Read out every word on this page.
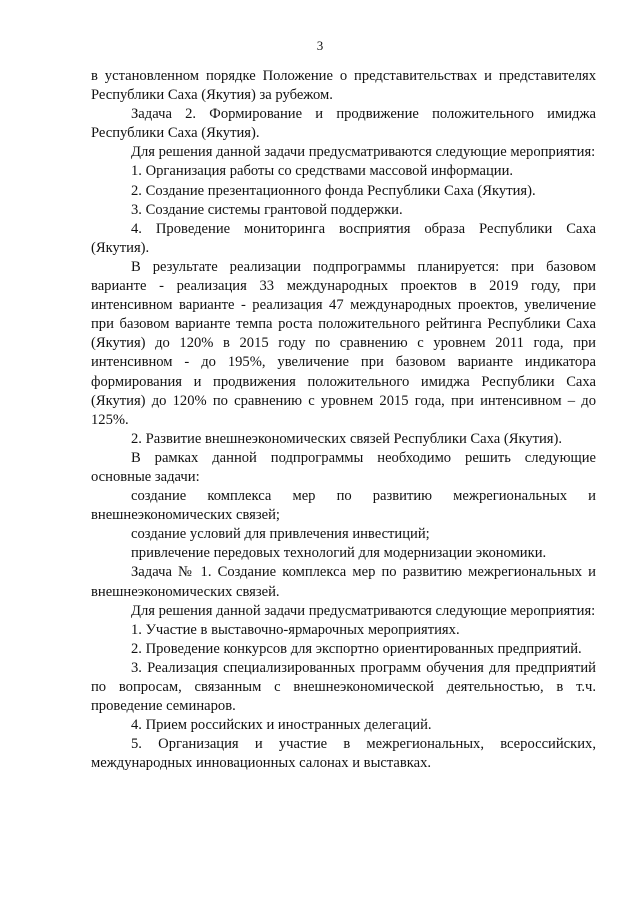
3

в установленном порядке Положение о представительствах и представителях Республики Саха (Якутия) за рубежом.

Задача 2. Формирование и продвижение положительного имиджа Республики Саха (Якутия).

Для решения данной задачи предусматриваются следующие мероприятия:

1. Организация работы со средствами массовой информации.

2. Создание презентационного фонда Республики Саха (Якутия).

3. Создание системы грантовой поддержки.

4. Проведение мониторинга восприятия образа Республики Саха (Якутия).

В результате реализации подпрограммы планируется: при базовом варианте - реализация 33 международных проектов в 2019 году, при интенсивном варианте - реализация 47 международных проектов, увеличение при базовом варианте темпа роста положительного рейтинга Республики Саха (Якутия) до 120% в 2015 году по сравнению с уровнем 2011 года, при интенсивном - до 195%, увеличение при базовом варианте индикатора формирования и продвижения положительного имиджа Республики Саха (Якутия) до 120% по сравнению с уровнем 2015 года, при интенсивном – до 125%.

2. Развитие внешнеэкономических связей Республики Саха (Якутия).

В рамках данной подпрограммы необходимо решить следующие основные задачи:

создание комплекса мер по развитию межрегиональных и внешнеэкономических связей;

создание условий для привлечения инвестиций;

привлечение передовых технологий для модернизации экономики.

Задача № 1. Создание комплекса мер по развитию межрегиональных и внешнеэкономических связей.

Для решения данной задачи предусматриваются следующие мероприятия:

1. Участие в выставочно-ярмарочных мероприятиях.

2. Проведение конкурсов для экспортно ориентированных предприятий.

3. Реализация специализированных программ обучения для предприятий по вопросам, связанным с внешнеэкономической деятельностью, в т.ч. проведение семинаров.

4. Прием российских и иностранных делегаций.

5. Организация и участие в межрегиональных, всероссийских, международных инновационных салонах и выставках.
